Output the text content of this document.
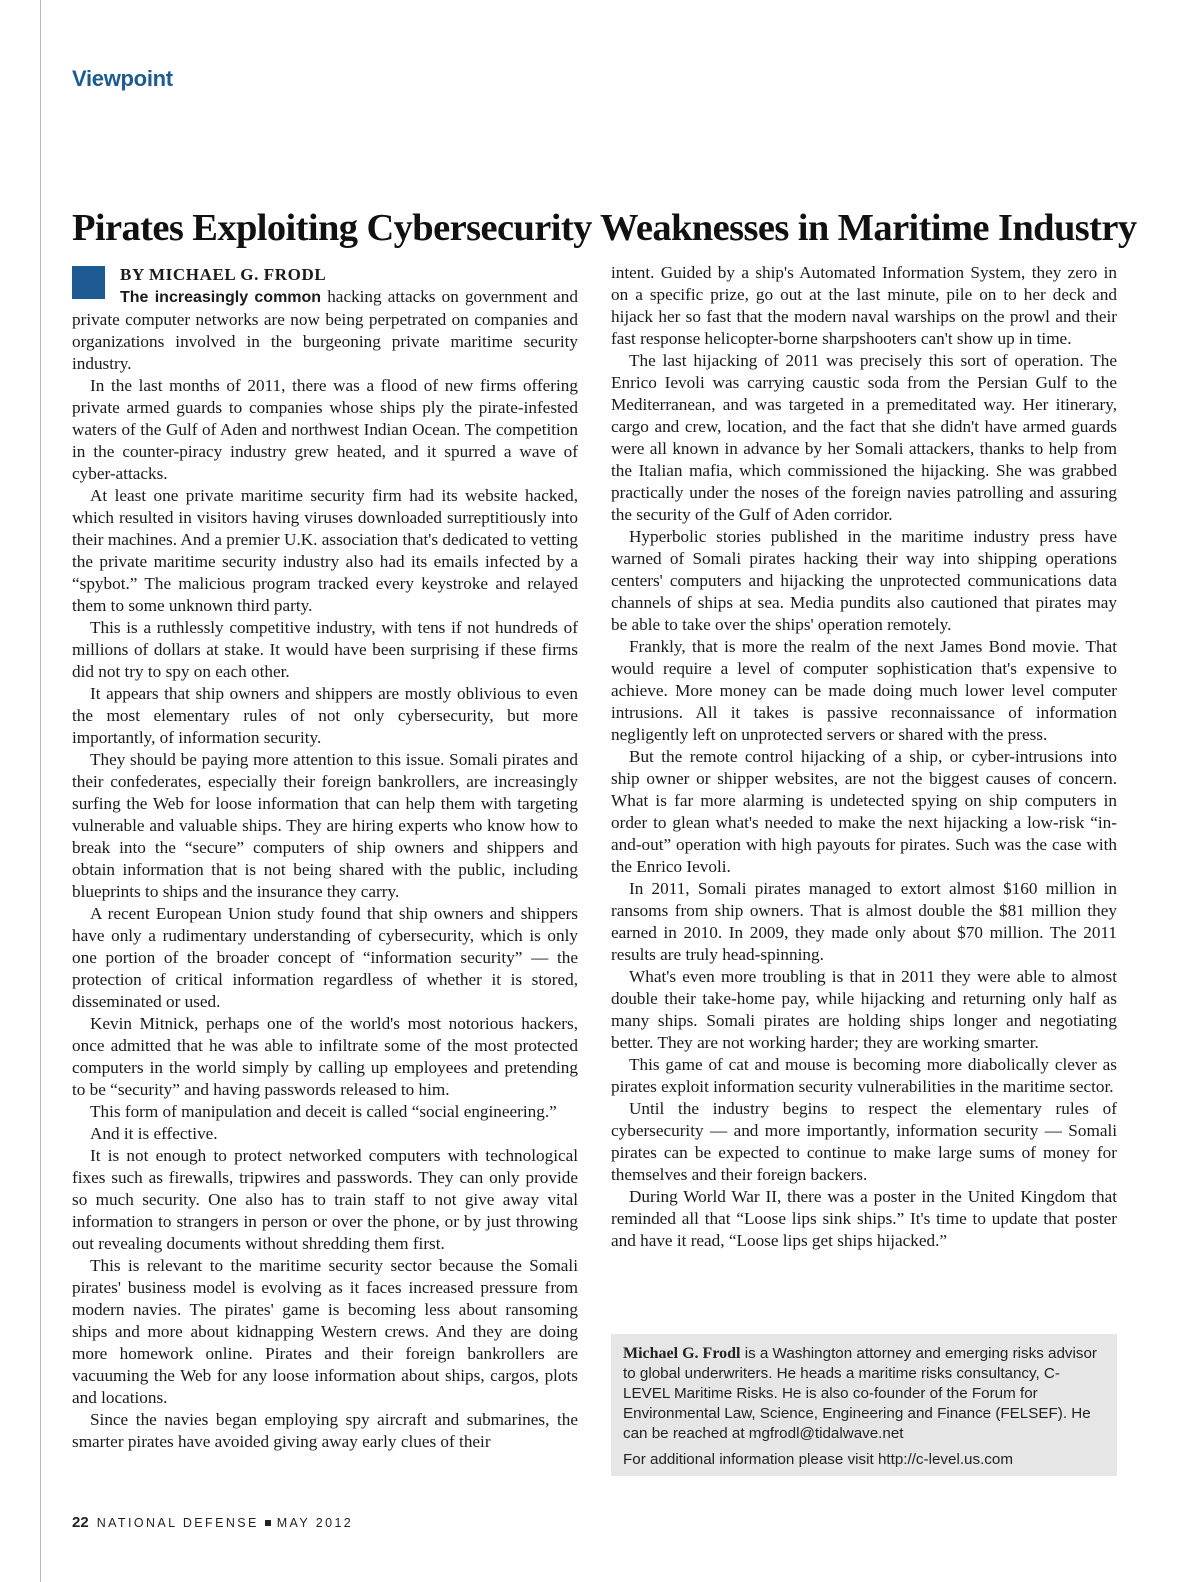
Viewpoint
Pirates Exploiting Cybersecurity Weaknesses in Maritime Industry
BY MICHAEL G. FRODL

The increasingly common hacking attacks on government and private computer networks are now being perpetrated on companies and organizations involved in the burgeoning private maritime security industry.

In the last months of 2011, there was a flood of new firms offering private armed guards to companies whose ships ply the pirate-infested waters of the Gulf of Aden and northwest Indian Ocean. The competition in the counter-piracy industry grew heated, and it spurred a wave of cyber-attacks.

At least one private maritime security firm had its website hacked, which resulted in visitors having viruses downloaded surreptitiously into their machines. And a premier U.K. association that's dedicated to vetting the private maritime security industry also had its emails infected by a “spybot.” The malicious program tracked every keystroke and relayed them to some unknown third party.

This is a ruthlessly competitive industry, with tens if not hundreds of millions of dollars at stake. It would have been surprising if these firms did not try to spy on each other.

It appears that ship owners and shippers are mostly oblivious to even the most elementary rules of not only cybersecurity, but more importantly, of information security.

They should be paying more attention to this issue. Somali pirates and their confederates, especially their foreign bankrollers, are increasingly surfing the Web for loose information that can help them with targeting vulnerable and valuable ships. They are hiring experts who know how to break into the “secure” computers of ship owners and shippers and obtain information that is not being shared with the public, including blueprints to ships and the insurance they carry.

A recent European Union study found that ship owners and shippers have only a rudimentary understanding of cybersecurity, which is only one portion of the broader concept of “information security” — the protection of critical information regardless of whether it is stored, disseminated or used.

Kevin Mitnick, perhaps one of the world's most notorious hackers, once admitted that he was able to infiltrate some of the most protected computers in the world simply by calling up employees and pretending to be “security” and having passwords released to him.

This form of manipulation and deceit is called “social engineering.”

And it is effective.

It is not enough to protect networked computers with technological fixes such as firewalls, tripwires and passwords. They can only provide so much security. One also has to train staff to not give away vital information to strangers in person or over the phone, or by just throwing out revealing documents without shredding them first.

This is relevant to the maritime security sector because the Somali pirates' business model is evolving as it faces increased pressure from modern navies. The pirates' game is becoming less about ransoming ships and more about kidnapping Western crews. And they are doing more homework online. Pirates and their foreign bankrollers are vacuuming the Web for any loose information about ships, cargos, plots and locations.

Since the navies began employing spy aircraft and submarines, the smarter pirates have avoided giving away early clues of their

intent. Guided by a ship's Automated Information System, they zero in on a specific prize, go out at the last minute, pile on to her deck and hijack her so fast that the modern naval warships on the prowl and their fast response helicopter-borne sharpshooters can't show up in time.

The last hijacking of 2011 was precisely this sort of operation. The Enrico Ievoli was carrying caustic soda from the Persian Gulf to the Mediterranean, and was targeted in a premeditated way. Her itinerary, cargo and crew, location, and the fact that she didn't have armed guards were all known in advance by her Somali attackers, thanks to help from the Italian mafia, which commissioned the hijacking. She was grabbed practically under the noses of the foreign navies patrolling and assuring the security of the Gulf of Aden corridor.

Hyperbolic stories published in the maritime industry press have warned of Somali pirates hacking their way into shipping operations centers' computers and hijacking the unprotected communications data channels of ships at sea. Media pundits also cautioned that pirates may be able to take over the ships' operation remotely.

Frankly, that is more the realm of the next James Bond movie. That would require a level of computer sophistication that's expensive to achieve. More money can be made doing much lower level computer intrusions. All it takes is passive reconnaissance of information negligently left on unprotected servers or shared with the press.

But the remote control hijacking of a ship, or cyber-intrusions into ship owner or shipper websites, are not the biggest causes of concern. What is far more alarming is undetected spying on ship computers in order to glean what's needed to make the next hijacking a low-risk “in-and-out” operation with high payouts for pirates. Such was the case with the Enrico Ievoli.

In 2011, Somali pirates managed to extort almost $160 million in ransoms from ship owners. That is almost double the $81 million they earned in 2010. In 2009, they made only about $70 million. The 2011 results are truly head-spinning.

What's even more troubling is that in 2011 they were able to almost double their take-home pay, while hijacking and returning only half as many ships. Somali pirates are holding ships longer and negotiating better. They are not working harder; they are working smarter.

This game of cat and mouse is becoming more diabolically clever as pirates exploit information security vulnerabilities in the maritime sector.

Until the industry begins to respect the elementary rules of cybersecurity — and more importantly, information security — Somali pirates can be expected to continue to make large sums of money for themselves and their foreign backers.

During World War II, there was a poster in the United Kingdom that reminded all that “Loose lips sink ships.” It's time to update that poster and have it read, “Loose lips get ships hijacked.”

Michael G. Frodl is a Washington attorney and emerging risks advisor to global underwriters. He heads a maritime risks consultancy, C-LEVEL Maritime Risks. He is also co-founder of the Forum for Environmental Law, Science, Engineering and Finance (FELSEF). He can be reached at mgfrodl@tidalwave.net

For additional information please visit http://c-level.us.com

22 NATIONAL DEFENSE MAY 2012
